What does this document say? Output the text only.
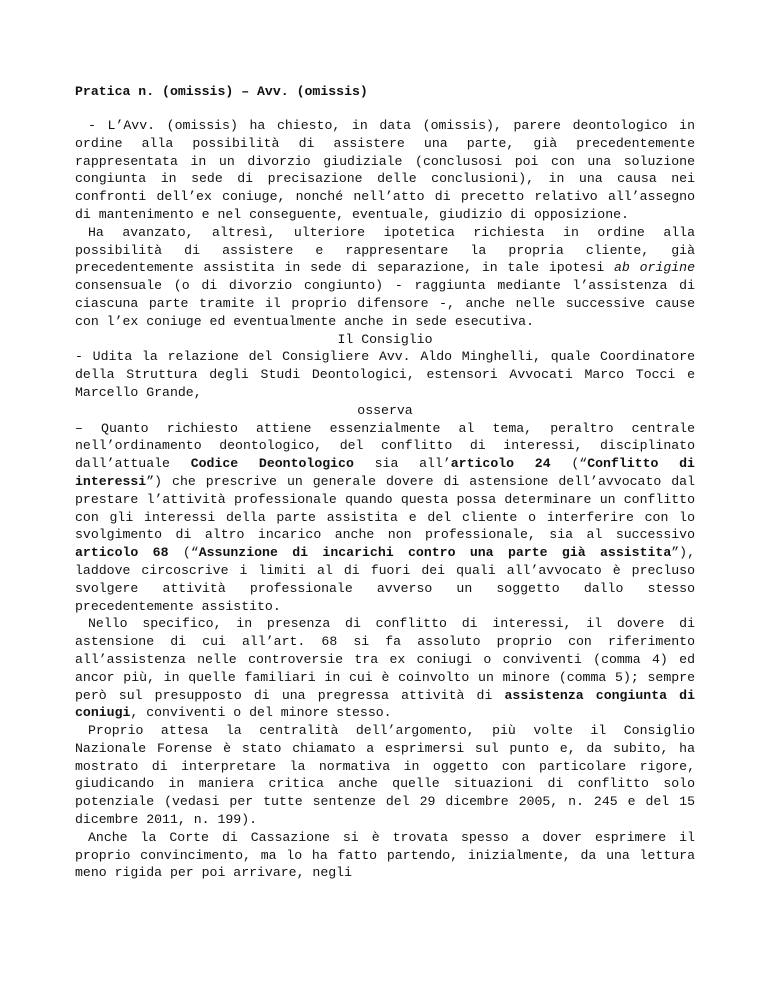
Pratica n. (omissis) – Avv. (omissis)

- L’Avv. (omissis) ha chiesto, in data (omissis), parere deontologico in ordine alla possibilità di assistere una parte, già precedentemente rappresentata in un divorzio giudiziale (conclusosi poi con una soluzione congiunta in sede di precisazione delle conclusioni), in una causa nei confronti dell’ex coniuge, nonché nell’atto di precetto relativo all’assegno di mantenimento e nel conseguente, eventuale, giudizio di opposizione.

Ha avanzato, altresì, ulteriore ipotetica richiesta in ordine alla possibilità di assistere e rappresentare la propria cliente, già precedentemente assistita in sede di separazione, in tale ipotesi ab origine consensuale (o di divorzio congiunto) - raggiunta mediante l’assistenza di ciascuna parte tramite il proprio difensore -, anche nelle successive cause con l’ex coniuge ed eventualmente anche in sede esecutiva.

Il Consiglio

- Udita la relazione del Consigliere Avv. Aldo Minghelli, quale Coordinatore della Struttura degli Studi Deontologici, estensori Avvocati Marco Tocci e Marcello Grande,

osserva

– Quanto richiesto attiene essenzialmente al tema, peraltro centrale nell’ordinamento deontologico, del conflitto di interessi, disciplinato dall’attuale Codice Deontologico sia all’articolo 24 (“Conflitto di interessi”) che prescrive un generale dovere di astensione dell’avvocato dal prestare l’attività professionale quando questa possa determinare un conflitto con gli interessi della parte assistita e del cliente o interferire con lo svolgimento di altro incarico anche non professionale, sia al successivo articolo 68 (“Assunzione di incarichi contro una parte già assistita”), laddove circoscrive i limiti al di fuori dei quali all’avvocato è precluso svolgere attività professionale avverso un soggetto dallo stesso precedentemente assistito.

Nello specifico, in presenza di conflitto di interessi, il dovere di astensione di cui all’art. 68 si fa assoluto proprio con riferimento all’assistenza nelle controversie tra ex coniugi o conviventi (comma 4) ed ancor più, in quelle familiari in cui è coinvolto un minore (comma 5); sempre però sul presupposto di una pregressa attività di assistenza congiunta di coniugi, conviventi o del minore stesso.

Proprio attesa la centralità dell’argomento, più volte il Consiglio Nazionale Forense è stato chiamato a esprimersi sul punto e, da subito, ha mostrato di interpretare la normativa in oggetto con particolare rigore, giudicando in maniera critica anche quelle situazioni di conflitto solo potenziale (vedasi per tutte sentenze del 29 dicembre 2005, n. 245 e del 15 dicembre 2011, n. 199).

Anche la Corte di Cassazione si è trovata spesso a dover esprimere il proprio convincimento, ma lo ha fatto partendo, inizialmente, da una lettura meno rigida per poi arrivare, negli
